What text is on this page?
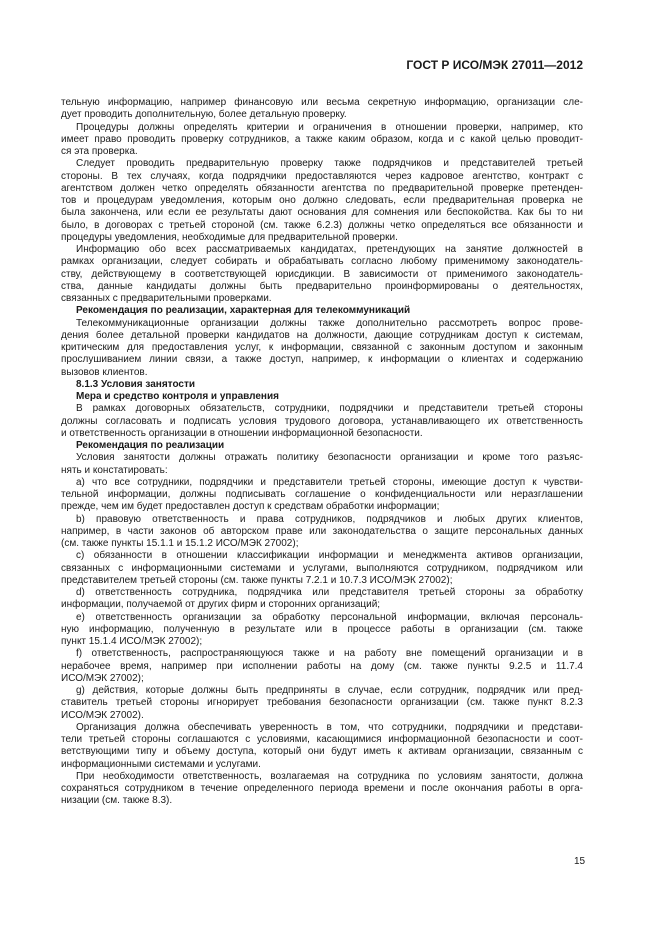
ГОСТ Р ИСО/МЭК 27011—2012
тельную информацию, например финансовую или весьма секретную информацию, организации сле-
дует проводить дополнительную, более детальную проверку.
Процедуры должны определять критерии и ограничения в отношении проверки, например, кто
имеет право проводить проверку сотрудников, а также каким образом, когда и с какой целью проводит-
ся эта проверка.
Следует проводить предварительную проверку также подрядчиков и представителей третьей
стороны. В тех случаях, когда подрядчики предоставляются через кадровое агентство, контракт с
агентством должен четко определять обязанности агентства по предварительной проверке претенден-
тов и процедурам уведомления, которым оно должно следовать, если предварительная проверка не
была закончена, или если ее результаты дают основания для сомнения или беспокойства. Как бы то ни
было, в договорах с третьей стороной (см. также 6.2.3) должны четко определяться все обязанности и
процедуры уведомления, необходимые для предварительной проверки.
Информацию обо всех рассматриваемых кандидатах, претендующих на занятие должностей в
рамках организации, следует собирать и обрабатывать согласно любому применимому законодатель-
ству, действующему в соответствующей юрисдикции. В зависимости от применимого законодатель-
ства, данные кандидаты должны быть предварительно проинформированы о деятельностях,
связанных с предварительными проверками.
Рекомендация по реализации, характерная для телекоммуникаций
Телекоммуникационные организации должны также дополнительно рассмотреть вопрос прове-
дения более детальной проверки кандидатов на должности, дающие сотрудникам доступ к системам,
критическим для предоставления услуг, к информации, связанной с законным доступом и законным
прослушиванием линии связи, а также доступ, например, к информации о клиентах и содержанию
вызовов клиентов.
8.1.3 Условия занятости
Мера и средство контроля и управления
В рамках договорных обязательств, сотрудники, подрядчики и представители третьей стороны
должны согласовать и подписать условия трудового договора, устанавливающего их ответственность
и ответственность организации в отношении информационной безопасности.
Рекомендация по реализации
Условия занятости должны отражать политику безопасности организации и кроме того разъяс-
нять и констатировать:
a) что все сотрудники, подрядчики и представители третьей стороны, имеющие доступ к чувстви-
тельной информации, должны подписывать соглашение о конфиденциальности или неразглашении
прежде, чем им будет предоставлен доступ к средствам обработки информации;
b) правовую ответственность и права сотрудников, подрядчиков и любых других клиентов,
например, в части законов об авторском праве или законодательства о защите персональных данных
(см. также пункты 15.1.1 и 15.1.2 ИСО/МЭК 27002);
c) обязанности в отношении классификации информации и менеджмента активов организации,
связанных с информационными системами и услугами, выполняются сотрудником, подрядчиком или
представителем третьей стороны (см. также пункты 7.2.1 и 10.7.3 ИСО/МЭК 27002);
d) ответственность сотрудника, подрядчика или представителя третьей стороны за обработку
информации, получаемой от других фирм и сторонних организаций;
e) ответственность организации за обработку персональной информации, включая персональ-
ную информацию, полученную в результате или в процессе работы в организации (см. также
пункт 15.1.4 ИСО/МЭК 27002);
f) ответственность, распространяющуюся также и на работу вне помещений организации и в
нерабочее время, например при исполнении работы на дому (см. также пункты 9.2.5 и 11.7.4
ИСО/МЭК 27002);
g) действия, которые должны быть предприняты в случае, если сотрудник, подрядчик или пред-
ставитель третьей стороны игнорирует требования безопасности организации (см. также пункт 8.2.3
ИСО/МЭК 27002).
Организация должна обеспечивать уверенность в том, что сотрудники, подрядчики и представи-
тели третьей стороны соглашаются с условиями, касающимися информационной безопасности и соот-
ветствующими типу и объему доступа, который они будут иметь к активам организации, связанным с
информационными системами и услугами.
При необходимости ответственность, возлагаемая на сотрудника по условиям занятости, должна
сохраняться сотрудником в течение определенного периода времени и после окончания работы в орга-
низации (см. также 8.3).
15
